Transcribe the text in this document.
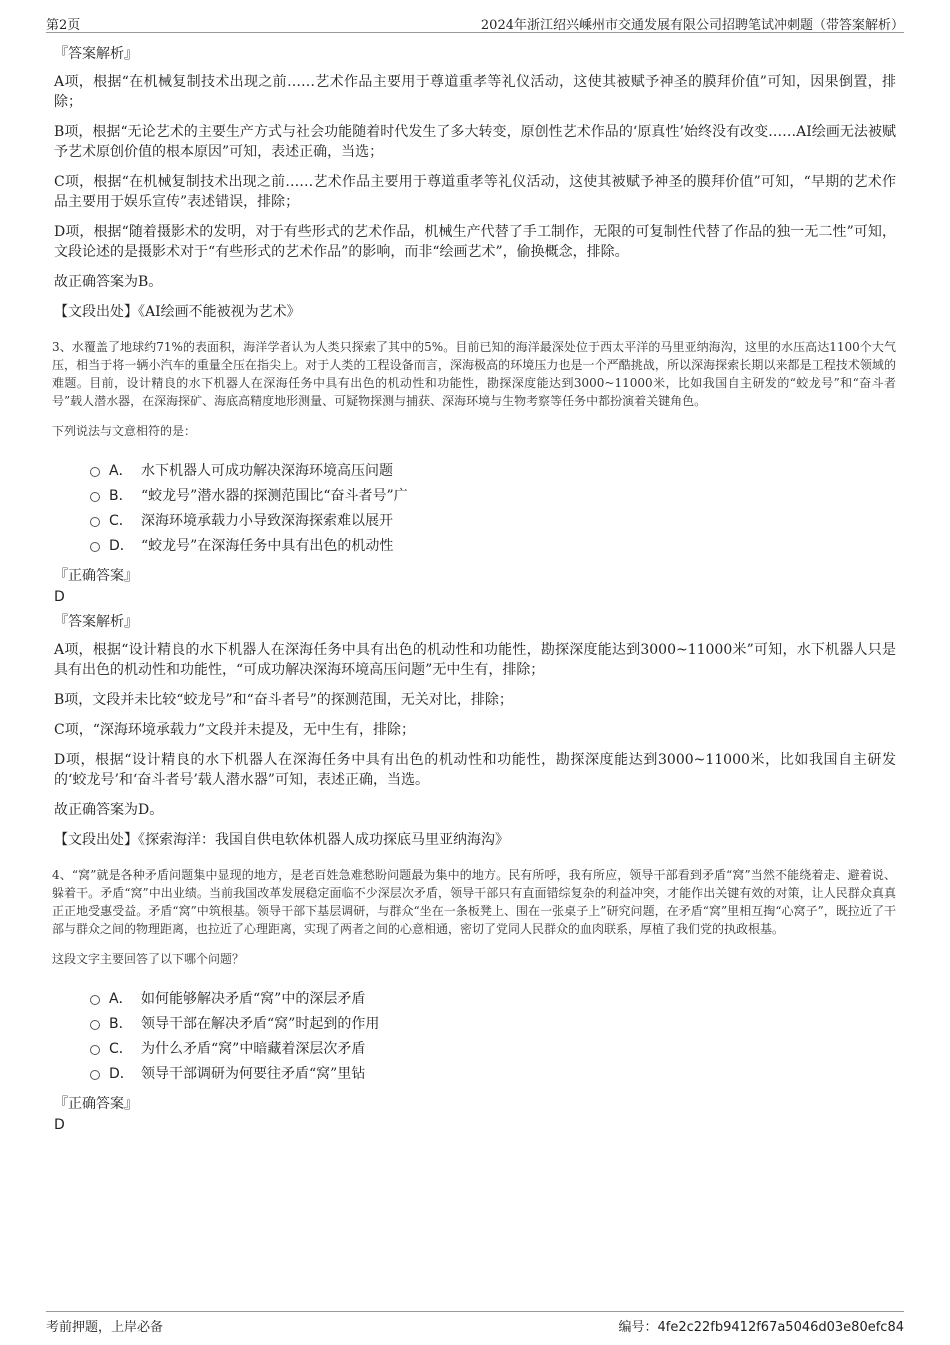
第2页	2024年浙江绍兴嵊州市交通发展有限公司招聘笔试冲刺题（带答案解析）

『答案解析』

A项，根据“在机械复制技术出现之前……艺术作品主要用于尊道重孝等礼仪活动，这使其被赋予神圣的膜拜价值”可知，因果倒置，排除；

B项，根据“无论艺术的主要生产方式与社会功能随着时代发生了多大转变，原创性艺术作品的‘原真性’始终没有改变……AI绘画无法被赋予艺术原创价值的根本原因”可知，表述正确，当选；

C项，根据“在机械复制技术出现之前……艺术作品主要用于尊道重孝等礼仪活动，这使其被赋予神圣的膜拜价值”可知，“早期的艺术作品主要用于娱乐宣传”表述错误，排除；

D项，根据“随着摄影术的发明，对于有些形式的艺术作品，机械生产代替了手工制作，无限的可复制性代替了作品的独一无二性”可知，文段论述的是摄影术对于“有些形式的艺术作品”的影响，而非“绘画艺术”，偷换概念，排除。

故正确答案为B。

【文段出处】《AI绘画不能被视为艺术》

3、水覆盖了地球约71%的表面积，海洋学者认为人类只探索了其中的5%。目前已知的海洋最深处位于西太平洋的马里亚纳海沟，这里的水压高达1100个大气压，相当于将一辆小汽车的重量全压在指尖上。对于人类的工程设备而言，深海极高的环境压力也是一个严酷挑战，所以深海探索长期以来都是工程技术领域的难题。目前，设计精良的水下机器人在深海任务中具有出色的机动性和功能性，勘探深度能达到3000~11000米，比如我国自主研发的“蛟龙号”和“奋斗者号”载人潜水器，在深海探矿、海底高精度地形测量、可疑物探测与捕获、深海环境与生物考察等任务中都扮演着关键角色。

下列说法与文意相符的是：

A． 水下机器人可成功解决深海环境高压问题
B． “蛟龙号”潜水器的探测范围比“奋斗者号”广
C． 深海环境承载力小导致深海探索难以展开
D． “蛟龙号”在深海任务中具有出色的机动性

『正确答案』

D

『答案解析』

A项，根据“设计精良的水下机器人在深海任务中具有出色的机动性和功能性，勘探深度能达到3000~11000米”可知，水下机器人只是具有出色的机动性和功能性，“可成功解决深海环境高压问题”无中生有，排除；

B项，文段并未比较“蛟龙号”和“奋斗者号”的探测范围，无关对比，排除；

C项，“深海环境承载力”文段并未提及，无中生有，排除；

D项，根据“设计精良的水下机器人在深海任务中具有出色的机动性和功能性，勘探深度能达到3000~11000米，比如我国自主研发的‘蛟龙号’和‘奋斗者号’载人潜水器”可知，表述正确，当选。

故正确答案为D。

【文段出处】《探索海洋：我国自供电软体机器人成功探底马里亚纳海沟》

4、“窝”就是各种矛盾问题集中显现的地方，是老百姓急难愁盼问题最为集中的地方。民有所呼，我有所应，领导干部看到矛盾“窝”当然不能绕着走、避着说、躲着干。矛盾“窝”中出业绩。当前我国改革发展稳定面临不少深层次矛盾，领导干部只有直面错综复杂的利益冲突，才能作出关键有效的对策，让人民群众真真正正地受惠受益。矛盾“窝”中筑根基。领导干部下基层调研，与群众“坐在一条板凳上、围在一张桌子上”研究问题，在矛盾“窝”里相互掏“心窝子”，既拉近了干部与群众之间的物理距离，也拉近了心理距离，实现了两者之间的心意相通，密切了党同人民群众的血肉联系，厚植了我们党的执政根基。

这段文字主要回答了以下哪个问题？

A． 如何能够解决矛盾“窝”中的深层矛盾
B． 领导干部在解决矛盾“窝”时起到的作用
C． 为什么矛盾“窝”中暗藏着深层次矛盾
D． 领导干部调研为何要往矛盾“窝”里钻

『正确答案』

D

考前押题，上岸必备	编号：4fe2c22fb9412f67a5046d03e80efc84
